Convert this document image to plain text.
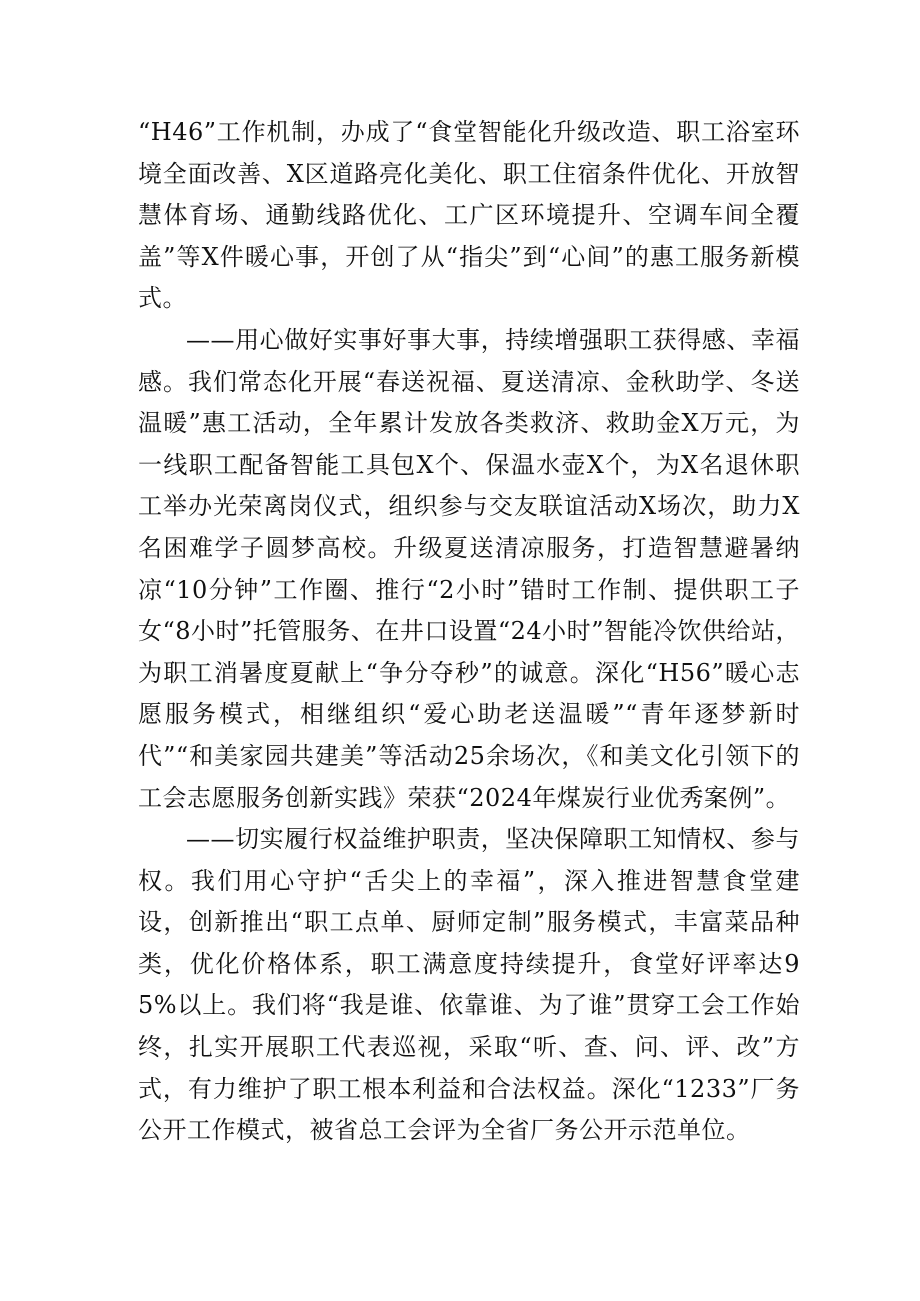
“H46”工作机制，办成了“食堂智能化升级改造、职工浴室环境全面改善、X区道路亮化美化、职工住宿条件优化、开放智慧体育场、通勤线路优化、工广区环境提升、空调车间全覆盖”等X件暖心事，开创了从“指尖”到“心间”的惠工服务新模式。

——用心做好实事好事大事，持续增强职工获得感、幸福感。我们常态化开展“春送祝福、夏送清凉、金秋助学、冬送温暖”惠工活动，全年累计发放各类救济、救助金X万元，为一线职工配备智能工具包X个、保温水壶X个，为X名退休职工举办光荣离岗仪式，组织参与交友联谊活动X场次，助力X名困难学子圆梦高校。升级夏送清凉服务，打造智慧避暑纳凉“10分钟”工作圈、推行“2小时”错时工作制、提供职工子女“8小时”托管服务、在井口设置“24小时”智能冷饮供给站，为职工消暑度夏献上“争分夺秒”的诚意。深化“H56”暖心志愿服务模式，相继组织“爱心助老送温暖”“青年逐梦新时代”“和美家园共建美”等活动25余场次，《和美文化引领下的工会志愿服务创新实践》荣获“2024年煤炭行业优秀案例”。

——切实履行权益维护职责，坚决保障职工知情权、参与权。我们用心守护“舌尖上的幸福”，深入推进智慧食堂建设，创新推出“职工点单、厨师定制”服务模式，丰富菜品种类，优化价格体系，职工满意度持续提升，食堂好评率达95%以上。我们将“我是谁、依靠谁、为了谁”贯穿工会工作始终，扎实开展职工代表巡视，采取“听、查、问、评、改”方式，有力维护了职工根本利益和合法权益。深化“1233”厂务公开工作模式，被省总工会评为全省厂务公开示范单位。
